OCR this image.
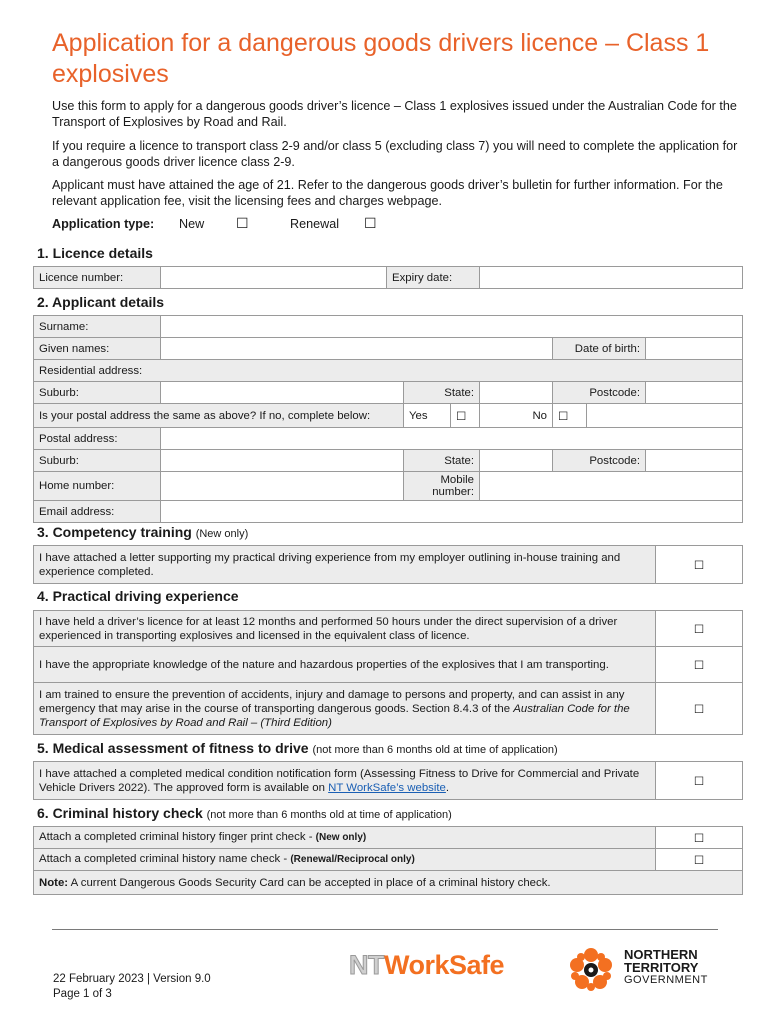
Application for a dangerous goods drivers licence – Class 1 explosives

Use this form to apply for a dangerous goods driver’s licence – Class 1 explosives issued under the Australian Code for the Transport of Explosives by Road and Rail.

If you require a licence to transport class 2-9 and/or class 5 (excluding class 7) you will need to complete the application for a dangerous goods driver licence class 2-9.

Applicant must have attained the age of 21. Refer to the dangerous goods driver’s bulletin for further information. For the relevant application fee, visit the licensing fees and charges webpage.

Application type: New ☐	Renewal ☐
1. Licence details
Licence number:		Expiry date:	
2. Applicant details
Surname:							
Given names:					Date of birth:		
Residential address:							
Suburb:		State:			Postcode:		
Is your postal address the same as above? If no, complete below:		Yes	☐	No	☐		
Postal address:							
Suburb:		State:			Postcode:		
Home number:		Mobile number:					
Email address:							
3. Competency training (New only)
I have attached a letter supporting my practical driving experience from my employer outlining in-house training and experience completed.	☐
4. Practical driving experience
I have held a driver’s licence for at least 12 months and performed 50 hours under the direct supervision of a driver experienced in transporting explosives and licensed in the equivalent class of licence.	☐
I have the appropriate knowledge of the nature and hazardous properties of the explosives that I am transporting.	☐
I am trained to ensure the prevention of accidents, injury and damage to persons and property, and can assist in any emergency that may arise in the course of transporting dangerous goods. Section 8.4.3 of the Australian Code for the Transport of Explosives by Road and Rail – (Third Edition)	☐
5. Medical assessment of fitness to drive (not more than 6 months old at time of application)
I have attached a completed medical condition notification form (Assessing Fitness to Drive for Commercial and Private Vehicle Drivers 2022). The approved form is available on NT WorkSafe’s website.	☐
6. Criminal history check (not more than 6 months old at time of application)
Attach a completed criminal history finger print check - (New only)	☐
Attach a completed criminal history name check - (Renewal/Reciprocal only)	☐
Note: A current Dangerous Goods Security Card can be accepted in place of a criminal history check.	
22 February 2023 | Version 9.0
Page 1 of 3
NTWorkSafe	NORTHERN
TERRITORY
GOVERNMENT
